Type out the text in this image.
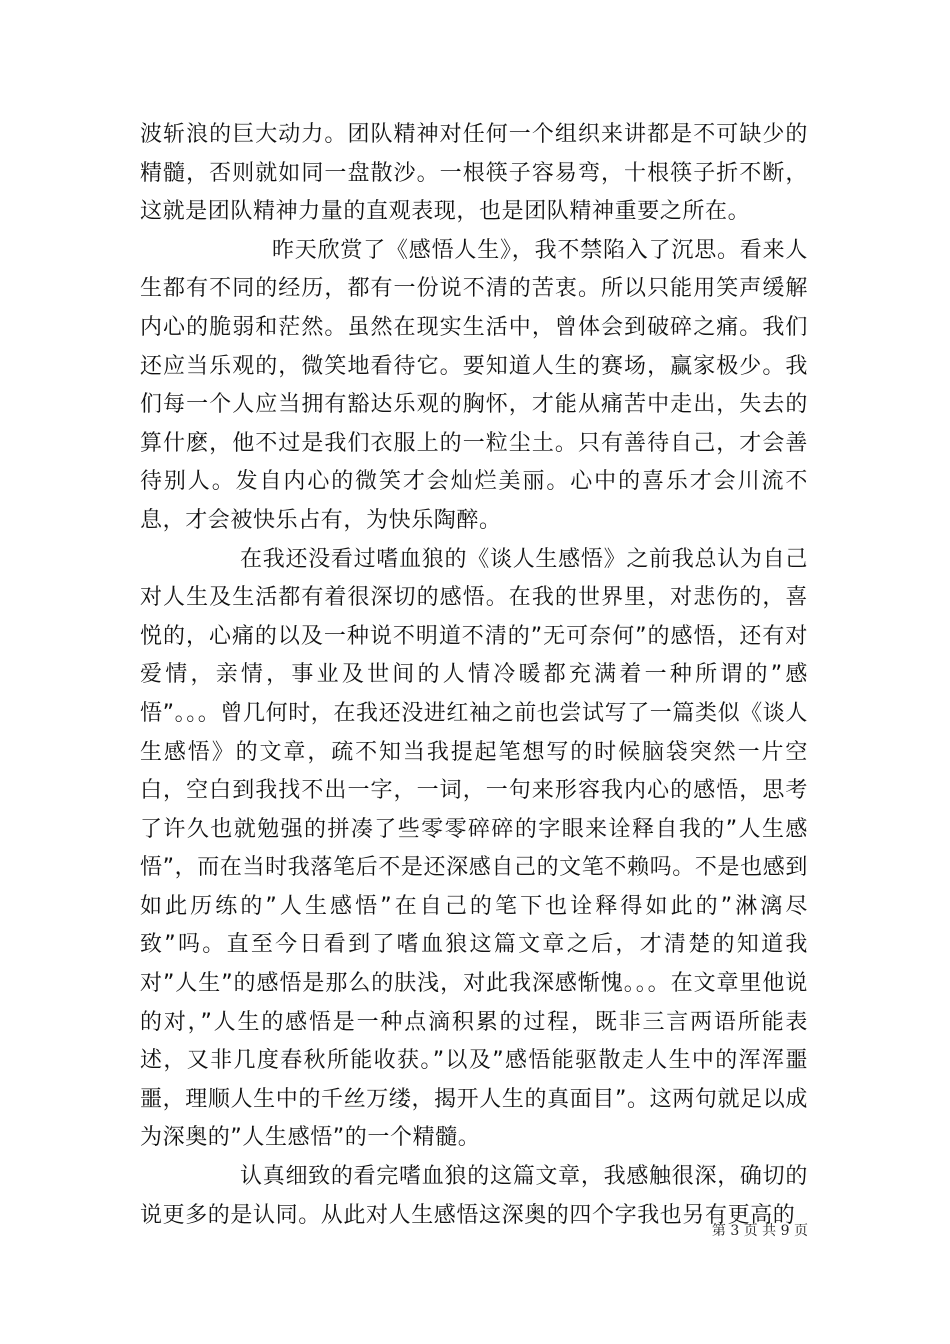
波斩浪的巨大动力。团队精神对任何一个组织来讲都是不可缺少的精髓，否则就如同一盘散沙。一根筷子容易弯，十根筷子折不断，这就是团队精神力量的直观表现，也是团队精神重要之所在。

昨天欣赏了《感悟人生》，我不禁陷入了沉思。看来人生都有不同的经历，都有一份说不清的苦衷。所以只能用笑声缓解内心的脆弱和茫然。虽然在现实生活中，曾体会到破碎之痛。我们还应当乐观的，微笑地看待它。要知道人生的赛场，赢家极少。我们每一个人应当拥有豁达乐观的胸怀，才能从痛苦中走出，失去的算什麽，他不过是我们衣服上的一粒尘土。只有善待自己，才会善待别人。发自内心的微笑才会灿烂美丽。心中的喜乐才会川流不息，才会被快乐占有，为快乐陶醉。

在我还没看过嗜血狼的《谈人生感悟》之前我总认为自己对人生及生活都有着很深切的感悟。在我的世界里，对悲伤的，喜悦的，心痛的以及一种说不明道不清的”无可奈何”的感悟，还有对爱情，亲情，事业及世间的人情冷暖都充满着一种所谓的”感悟”。。。曾几何时，在我还没进红袖之前也尝试写了一篇类似《谈人生感悟》的文章，疏不知当我提起笔想写的时候脑袋突然一片空白，空白到我找不出一字，一词，一句来形容我内心的感悟，思考了许久也就勉强的拼凑了些零零碎碎的字眼来诠释自我的”人生感悟”，而在当时我落笔后不是还深感自己的文笔不赖吗。不是也感到如此历练的”人生感悟”在自己的笔下也诠释得如此的”淋漓尽致”吗。直至今日看到了嗜血狼这篇文章之后，才清楚的知道我对”人生”的感悟是那么的肤浅，对此我深感惭愧。。。在文章里他说的对，”人生的感悟是一种点滴积累的过程，既非三言两语所能表述，又非几度春秋所能收获。”以及”感悟能驱散走人生中的浑浑噩噩，理顺人生中的千丝万缕，揭开人生的真面目”。这两句就足以成为深奥的”人生感悟”的一个精髓。

认真细致的看完嗜血狼的这篇文章，我感触很深，确切的说更多的是认同。从此对人生感悟这深奥的四个字我也另有更高的

第 3 页 共 9 页
